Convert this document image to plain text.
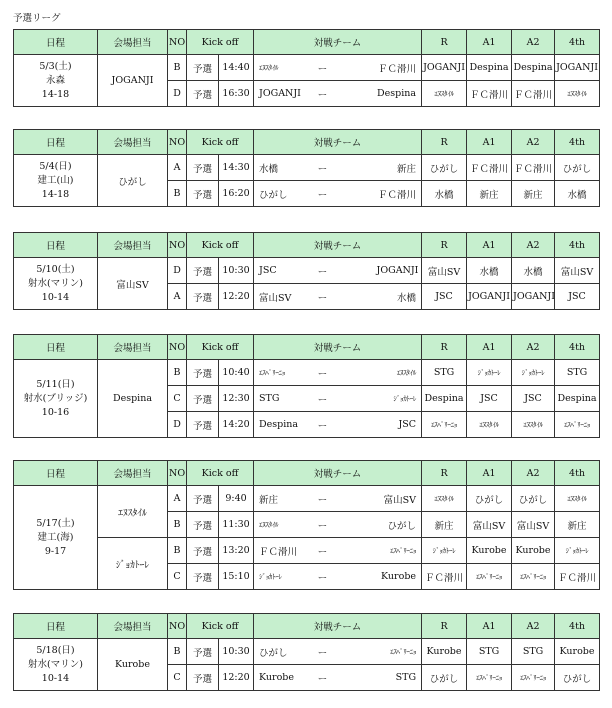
予選リーグ
日程	会場担当	NO	Kick off		対戦チーム			R	A1	A2	4th

5/3(土)
永森
14-18	JOGANJI	B	予選	14:40	ｴﾇｽﾀｲﾙ	ー	ＦＣ滑川	JOGANJI	Despina	Despina	JOGANJI
		D	予選	16:30	JOGANJI	ー	Despina	ｴﾇｽﾀｲﾙ	ＦＣ滑川	ＦＣ滑川	ｴﾇｽﾀｲﾙ
日程	会場担当	NO	Kick off		対戦チーム			R	A1	A2	4th

5/4(日)
建工(山)
14-18	ひがし	A	予選	14:30	水橋	ー	新庄	ひがし	ＦＣ滑川	ＦＣ滑川	ひがし
		B	予選	16:20	ひがし	ー	ＦＣ滑川	水橋	新庄	新庄	水橋
日程	会場担当	NO	Kick off		対戦チーム			R	A1	A2	4th

5/10(土)
射水(マリン)
10-14	富山SV	D	予選	10:30	JSC	ー	JOGANJI	富山SV	水橋	水橋	富山SV
		A	予選	12:20	富山SV	ー	水橋	JSC	JOGANJI	JOGANJI	JSC
日程	会場担当	NO	Kick off		対戦チーム			R	A1	A2	4th

5/11(日)
射水(ブリッジ)
10-16	Despina	B	予選	10:40	ｴｽﾍﾟﾘｰﾆｮ	ー	ｴﾇｽﾀｲﾙ	STG	ｼﾞｮｶﾄｰﾚ	ｼﾞｮｶﾄｰﾚ	STG
		C	予選	12:30	STG	ー	ｼﾞｮｶﾄｰﾚ	Despina	JSC	JSC	Despina
		D	予選	14:20	Despina	ー	JSC	ｴｽﾍﾟﾘｰﾆｮ	ｴﾇｽﾀｲﾙ	ｴﾇｽﾀｲﾙ	ｴｽﾍﾟﾘｰﾆｮ
日程	会場担当	NO	Kick off		対戦チーム			R	A1	A2	4th

5/17(土)
建工(海)
9-17	ｴﾇｽﾀｲﾙ	A	予選	9:40	新庄	ー	富山SV	ｴﾇｽﾀｲﾙ	ひがし	ひがし	ｴﾇｽﾀｲﾙ
		B	予選	11:30	ｴﾇｽﾀｲﾙ	ー	ひがし	新庄	富山SV	富山SV	新庄
	ｼﾞｮｶﾄｰﾚ	B	予選	13:20	ＦＣ滑川	ー	ｴｽﾍﾟﾘｰﾆｮ	ｼﾞｮｶﾄｰﾚ	Kurobe	Kurobe	ｼﾞｮｶﾄｰﾚ
		C	予選	15:10	ｼﾞｮｶﾄｰﾚ	ー	Kurobe	ＦＣ滑川	ｴｽﾍﾟﾘｰﾆｮ	ｴｽﾍﾟﾘｰﾆｮ	ＦＣ滑川
日程	会場担当	NO	Kick off		対戦チーム			R	A1	A2	4th

5/18(日)
射水(マリン)
10-14	Kurobe	B	予選	10:30	ひがし	ー	ｴｽﾍﾟﾘｰﾆｮ	Kurobe	STG	STG	Kurobe
		C	予選	12:20	Kurobe	ー	STG	ひがし	ｴｽﾍﾟﾘｰﾆｮ	ｴｽﾍﾟﾘｰﾆｮ	ひがし
